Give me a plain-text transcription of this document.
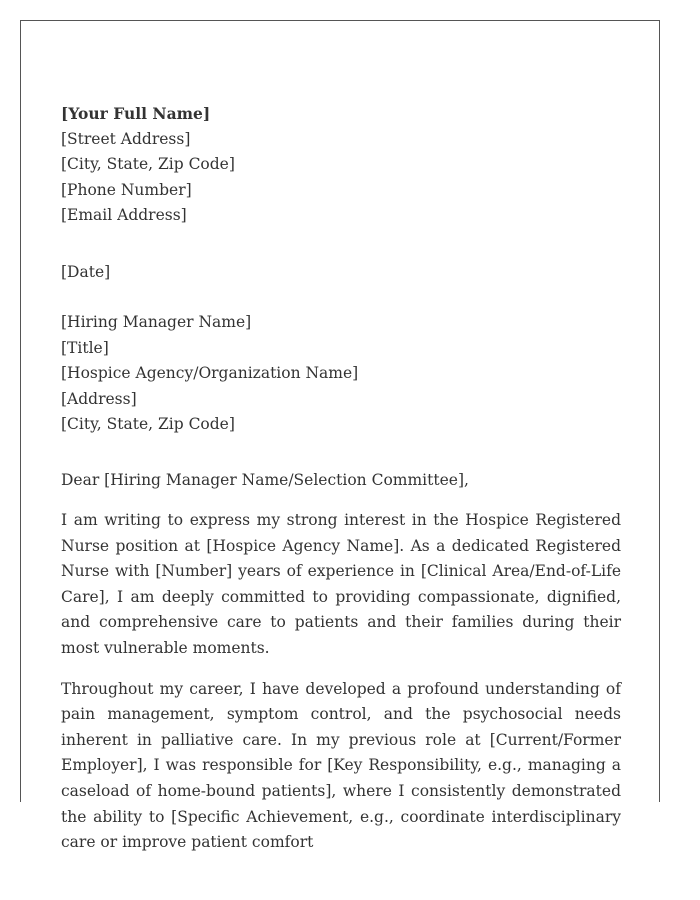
[Your Full Name]
[Street Address]
[City, State, Zip Code]
[Phone Number]
[Email Address]
[Date]
[Hiring Manager Name]
[Title]
[Hospice Agency/Organization Name]
[Address]
[City, State, Zip Code]
Dear [Hiring Manager Name/Selection Committee],

I am writing to express my strong interest in the Hospice Registered Nurse position at [Hospice Agency Name]. As a dedicated Registered Nurse with [Number] years of experience in [Clinical Area/End-of-Life Care], I am deeply committed to providing compassionate, dignified, and comprehensive care to patients and their families during their most vulnerable moments.

Throughout my career, I have developed a profound understanding of pain management, symptom control, and the psychosocial needs inherent in palliative care. In my previous role at [Current/Former Employer], I was responsible for [Key Responsibility, e.g., managing a caseload of home-bound patients], where I consistently demonstrated the ability to [Specific Achievement, e.g., coordinate interdisciplinary care or improve patient comfort
